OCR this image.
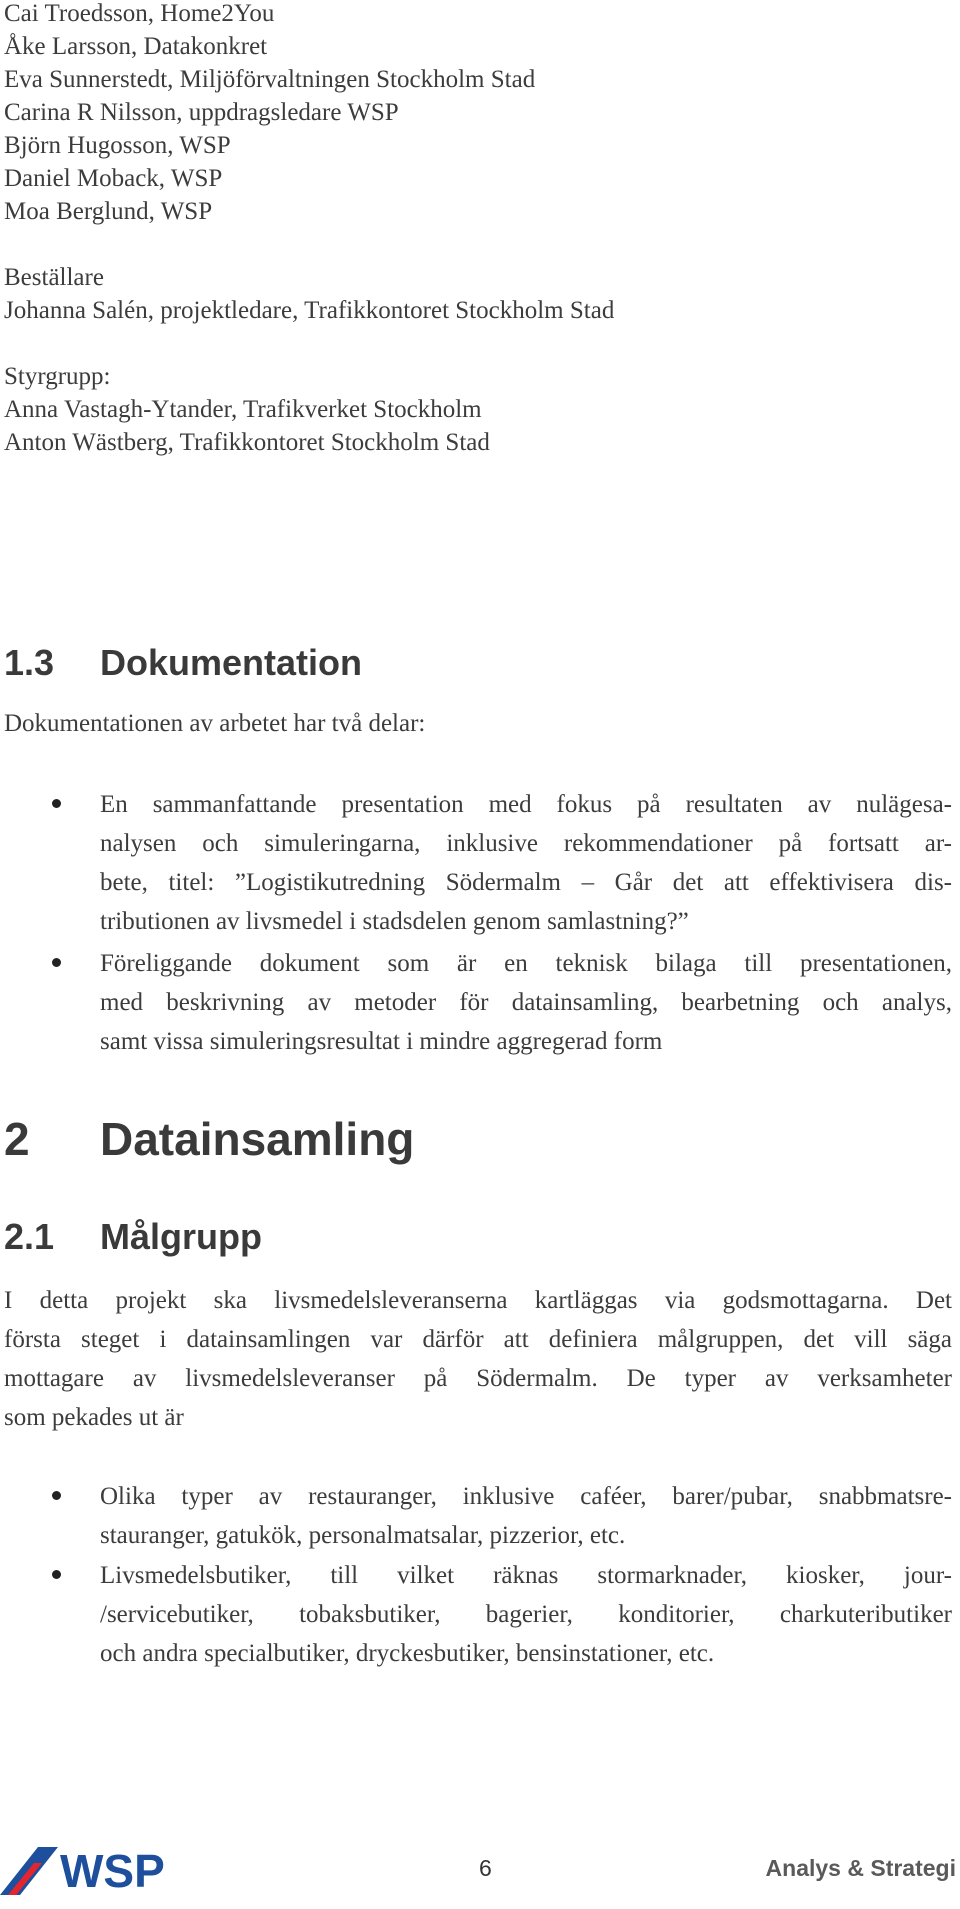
Cai Troedsson, Home2You
Åke Larsson, Datakonkret
Eva Sunnerstedt, Miljöförvaltningen Stockholm Stad
Carina R Nilsson, uppdragsledare WSP
Björn Hugosson, WSP
Daniel Moback, WSP
Moa Berglund, WSP
Beställare
Johanna Salén, projektledare, Trafikkontoret Stockholm Stad
Styrgrupp:
Anna Vastagh-Ytander, Trafikverket Stockholm
Anton Wästberg, Trafikkontoret Stockholm Stad
1.3 Dokumentation
Dokumentationen av arbetet har två delar:

En sammanfattande presentation med fokus på resultaten av nulägesa-

nalysen och simuleringarna, inklusive rekommendationer på fortsatt ar-

bete, titel: ”Logistikutredning Södermalm – Går det att effektivisera dis-

tributionen av livsmedel i stadsdelen genom samlastning?”

Föreliggande dokument som är en teknisk bilaga till presentationen,

med beskrivning av metoder för datainsamling, bearbetning och analys,

samt vissa simuleringsresultat i mindre aggregerad form

2 Datainsamling
2.1 Målgrupp

I detta projekt ska livsmedelsleveranserna kartläggas via godsmottagarna. Det

första steget i datainsamlingen var därför att definiera målgruppen, det vill säga

mottagare av livsmedelsleveranser på Södermalm. De typer av verksamheter

som pekades ut är

Olika typer av restauranger, inklusive caféer, barer/pubar, snabbmatsre-

stauranger, gatukök, personalmatsalar, pizzerior, etc.

Livsmedelsbutiker, till vilket räknas stormarknader, kiosker, jour-

/servicebutiker, tobaksbutiker, bagerier, konditorier, charkuteributiker

och andra specialbutiker, dryckesbutiker, bensinstationer, etc.

WSP	6	Analys & Strategi
